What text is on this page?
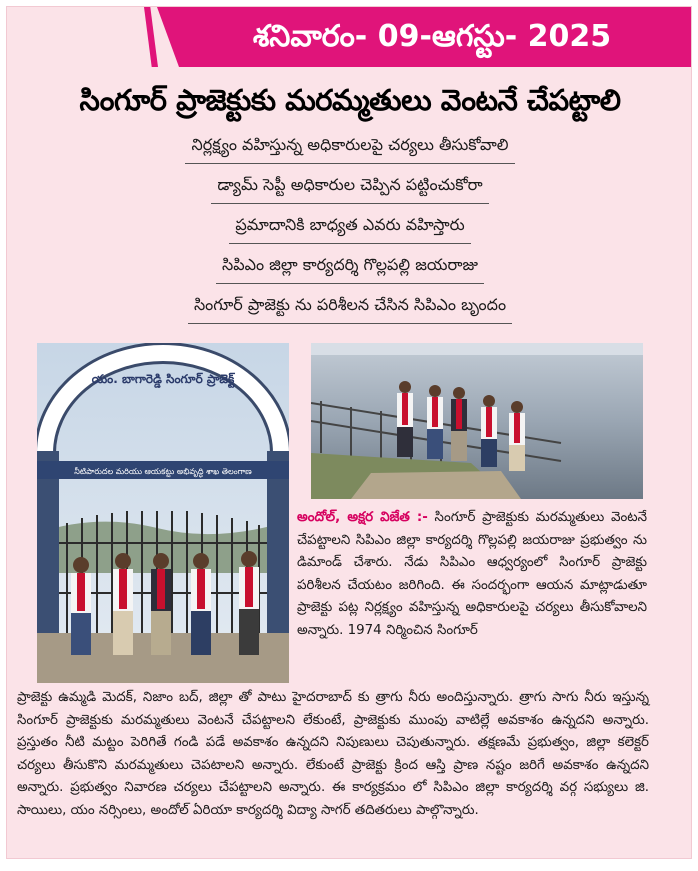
శనివారం- 09-ఆగస్టు- 2025
సింగూర్ ప్రాజెక్టుకు మరమ్మతులు వెంటనే చేపట్టాలి
నిర్లక్ష్యం వహిస్తున్న అధికారులపై చర్యలు తీసుకోవాలి
డ్యామ్ సెప్టీ అధికారుల చెప్పిన పట్టించుకోరా
ప్రమాదానికి బాధ్యత ఎవరు వహిస్తారు
సిపిఎం జిల్లా కార్యదర్శి గొల్లపల్లి జయరాజు
సింగూర్ ప్రాజెక్టు ను పరిశీలన చేసిన సిపిఎం బృందం
యం. బాగారెడ్డి సింగూర్ ప్రాజెక్ట్
నీటిపారుదల మరియు ఆయకట్టు అభివృద్ధి శాఖ తెలంగాణ
అందోల్, అక్షర విజేత :- సింగూర్ ప్రాజెక్టుకు మరమ్మతులు వెంటనే చేపట్టాలని సిపిఎం జిల్లా కార్యదర్శి గొల్లపల్లి జయరాజు ప్రభుత్వం ను డిమాండ్ చేశారు. నేడు సిపిఎం ఆధ్వర్యంలో సింగూర్ ప్రాజెక్టు పరిశీలన చేయటం జరిగింది. ఈ సందర్భంగా ఆయన మాట్లాడుతూ ప్రాజెక్టు పట్ల నిర్లక్ష్యం వహిస్తున్న అధికారులపై చర్యలు తీసుకోవాలని అన్నారు. 1974 నిర్మించిన సింగూర్
ప్రాజెక్టు ఉమ్మడి మెదక్, నిజాం బద్, జిల్లా తో పాటు హైదరాబాద్ కు త్రాగు నీరు అందిస్తున్నారు. త్రాగు సాగు నీరు ఇస్తున్న సింగూర్ ప్రాజెక్టుకు మరమ్మతులు వెంటనే చేపట్టాలని లేకుంటే, ప్రాజెక్టుకు ముంపు వాటిల్లే అవకాశం ఉన్నదని అన్నారు. ప్రస్తుతం నీటి మట్టం పెరిగితే గండి పడే అవకాశం ఉన్నదని నిపుణులు చెపుతున్నారు. తక్షణమే ప్రభుత్వం, జిల్లా కలెక్టర్ చర్యలు తీసుకొని మరమ్మతులు చెపటాలని అన్నారు. లేకుంటే ప్రాజెక్టు క్రింద ఆస్తి ప్రాణ నష్టం జరిగే అవకాశం ఉన్నదని అన్నారు. ప్రభుత్వం నివారణ చర్యలు చేపట్టాలని అన్నారు. ఈ కార్యక్రమం లో సిపిఎం జిల్లా కార్యదర్శి వర్గ సభ్యులు జి. సాయిలు, యం నర్సింలు, అందోల్ ఏరియా కార్యదర్శి విద్యా సాగర్ తదితరులు పాల్గొన్నారు.
